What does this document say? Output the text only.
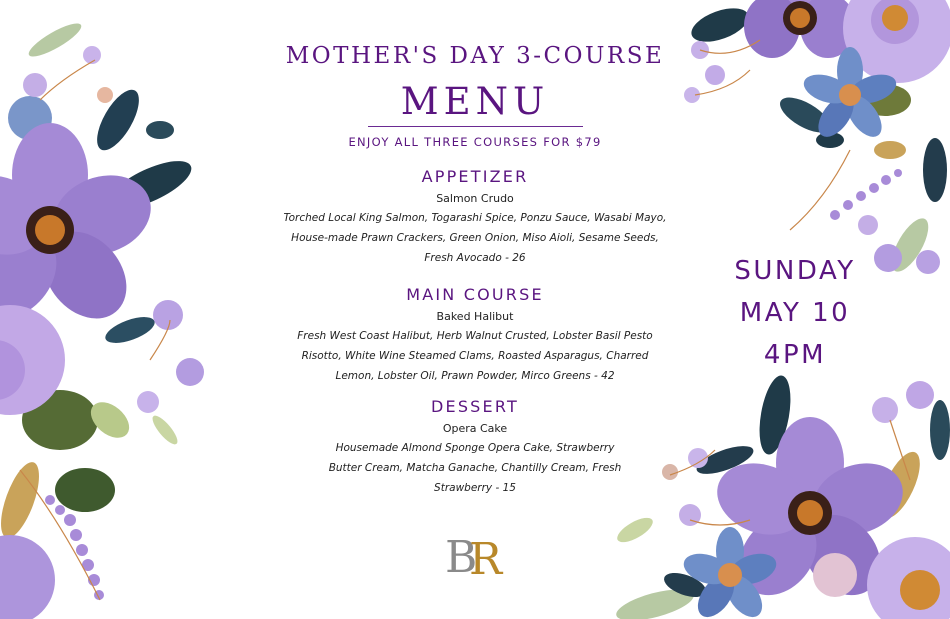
MOTHER'S DAY 3-COURSE
MENU
ENJOY ALL THREE COURSES FOR $79
APPETIZER
Salmon Crudo
Torched Local King Salmon, Togarashi Spice, Ponzu Sauce, Wasabi Mayo, House-made Prawn Crackers, Green Onion, Miso Aioli, Sesame Seeds, Fresh Avocado - 26
MAIN COURSE
Baked Halibut
Fresh West Coast Halibut, Herb Walnut Crusted, Lobster Basil Pesto Risotto, White Wine Steamed Clams, Roasted Asparagus, Charred Lemon, Lobster Oil, Prawn Powder, Mirco Greens - 42
DESSERT
Opera Cake
Housemade Almond Sponge Opera Cake, Strawberry Butter Cream, Matcha Ganache, Chantilly Cream, Fresh Strawberry - 15
B
R
SUNDAY
MAY 10
4PM
